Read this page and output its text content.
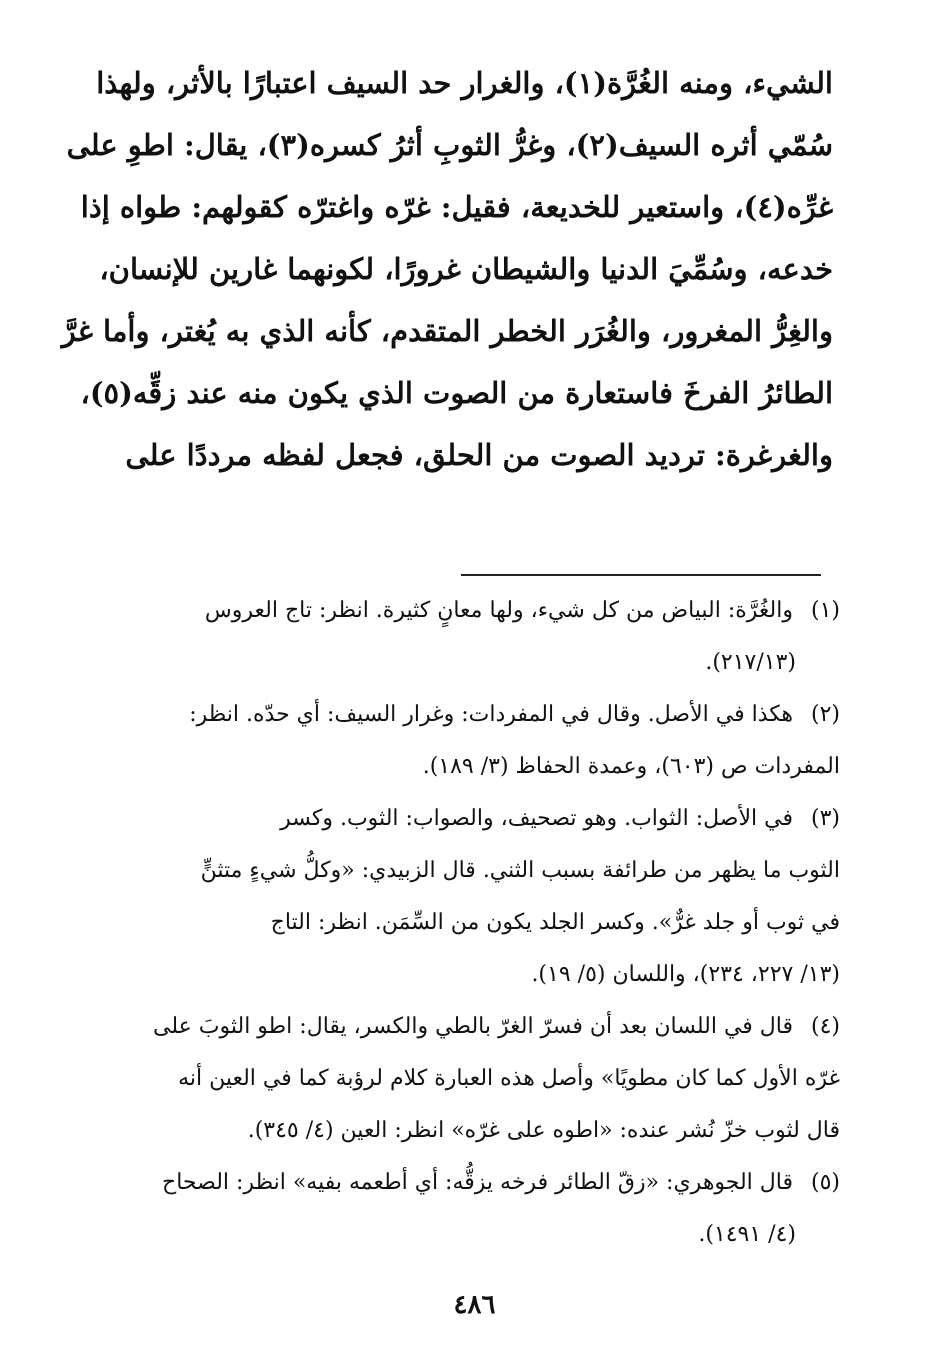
الشيء، ومنه الغُرَّة(١)، والغرار حد السيف اعتبارًا بالأثر، ولهذا
سُمّي أثره السيف(٢)، وغرُّ الثوبِ أثرُ كسره(٣)، يقال: اطوِ على
غرِّه(٤)، واستعير للخديعة، فقيل: غرّه واغترّه كقولهم: طواه إذا
خدعه، وسُمِّيَ الدنيا والشيطان غرورًا، لكونهما غارين للإنسان،
والغِرُّ المغرور، والغُرَر الخطر المتقدم، كأنه الذي به يُغتر، وأما غرَّ
الطائرُ الفرخَ فاستعارة من الصوت الذي يكون منه عند زقِّه(٥)،
والغرغرة: ترديد الصوت من الحلق، فجعل لفظه مرددًا على
(١) والغُرَّة: البياض من كل شيء، ولها معانٍ كثيرة. انظر: تاج العروس
(٢١٧/١٣).
(٢) هكذا في الأصل. وقال في المفردات: وغرار السيف: أي حدّه. انظر:
المفردات ص (٦٠٣)، وعمدة الحفاظ (٣/ ١٨٩).
(٣) في الأصل: الثواب. وهو تصحيف، والصواب: الثوب. وكسر
الثوب ما يظهر من طرائفة بسبب الثني. قال الزبيدي: «وكلُّ شيءٍ متثنٍّ
في ثوب أو جلد غرٌّ». وكسر الجلد يكون من السِّمَن. انظر: التاج
(١٣/ ٢٢٧، ٢٣٤)، واللسان (٥/ ١٩).
(٤) قال في اللسان بعد أن فسرّ الغرّ بالطي والكسر، يقال: اطو الثوبَ على
غرّه الأول كما كان مطويًا» وأصل هذه العبارة كلام لرؤبة كما في العين أنه
قال لثوب خزّ نُشر عنده: «اطوه على غرّه» انظر: العين (٤/ ٣٤٥).
(٥) قال الجوهري: «زقّ الطائر فرخه يزقُّه: أي أطعمه بفيه» انظر: الصحاح
(٤/ ١٤٩١).
٤٨٦
